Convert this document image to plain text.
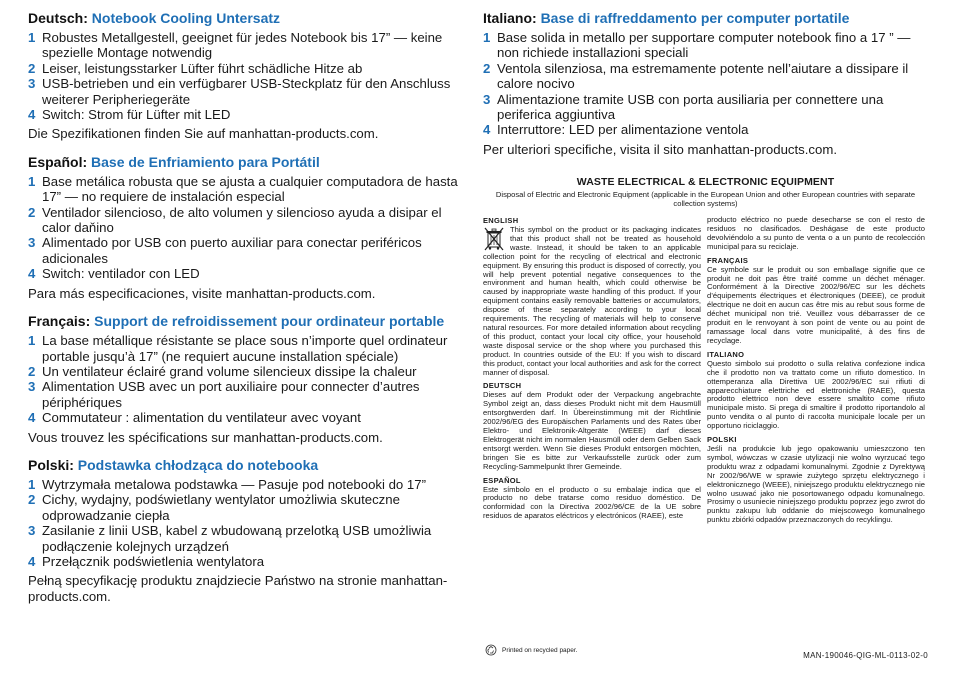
Deutsch: Notebook Cooling Untersatz
1 Robustes Metallgestell, geeignet für jedes Notebook bis 17” — keine spezielle Montage notwendig
2 Leiser, leistungsstarker Lüfter führt schädliche Hitze ab
3 USB-betrieben und ein verfügbarer USB-Steckplatz für den Anschluss weiterer Peripheriegeräte
4 Switch: Strom für Lüfter mit LED
Die Spezifikationen finden Sie auf manhattan-products.com.
Español: Base de Enfriamiento para Portátil
1 Base metálica robusta que se ajusta a cualquier computadora de hasta 17” — no requiere de instalación especial
2 Ventilador silencioso, de alto volumen y silencioso ayuda a disipar el calor daňino
3 Alimentado por USB con puerto auxiliar para conectar periféricos adicionales
4 Switch: ventilador con LED
Para más especificaciones, visite manhattan-products.com.
Français: Support de refroidissement pour ordinateur portable
1 La base métallique résistante se place sous n’importe quel ordinateur portable jusqu’à 17” (ne requiert aucune installation spéciale)
2 Un ventilateur éclairé grand volume silencieux dissipe la chaleur
3 Alimentation USB avec un port auxiliaire pour connecter d’autres périphériques
4 Commutateur : alimentation du ventilateur avec voyant
Vous trouvez les spécifications sur manhattan-products.com.
Polski: Podstawka chłodząca do notebooka
1 Wytrzymała metalowa podstawka — Pasuje pod notebooki do 17”
2 Cichy, wydajny, podświetlany wentylator umożliwia skuteczne odprowadzanie ciepła
3 Zasilanie z linii USB, kabel z wbudowaną przelotką USB umożliwia podłączenie kolejnych urządzeń
4 Przełącznik podświetlenia wentylatora
Pełną specyfikację produktu znajdziecie Państwo na stronie manhattan-products.com.
Italiano: Base di raffreddamento per computer portatile
1 Base solida in metallo per supportare computer notebook fino a 17 ” — non richiede installazioni speciali
2 Ventola silenziosa, ma estremamente potente nell’aiutare a dissipare il calore nocivo
3 Alimentazione tramite USB con porta ausiliaria per connettere una periferica aggiuntiva
4 Interruttore: LED per alimentazione ventola
Per ulteriori specifiche, visita il sito manhattan-products.com.
WASTE ELECTRICAL & ELECTRONIC EQUIPMENT
Disposal of Electric and Electronic Equipment (applicable in the European Union and other European countries with separate collection systems)
ENGLISH
This symbol on the product or its packaging indicates that this product shall not be treated as household waste. Instead, it should be taken to an applicable collection point for the recycling of electrical and electronic equipment. By ensuring this product is disposed of correctly, you will help prevent potential negative consequences to the environment and human health, which could otherwise be caused by inappropriate waste handling of this product. If your equipment contains easily removable batteries or accumulators, dispose of these separately according to your local requirements. The recycling of materials will help to conserve natural resources. For more detailed information about recycling of this product, contact your local city office, your household waste disposal service or the shop where you purchased this product. In countries outside of the EU: If you wish to discard this product, contact your local authorities and ask for the correct manner of disposal.
DEUTSCH
Dieses auf dem Produkt oder der Verpackung angebrachte Symbol zeigt an, dass dieses Produkt nicht mit dem Hausmüll entsorgtwerden darf. In Übereinstimmung mit der Richtlinie 2002/96/EG des Europäischen Parlaments und des Rates über Elektro- und Elektronik-Altgeräte (WEEE) darf dieses Elektrogerät nicht im normalen Hausmüll oder dem Gelben Sack entsorgt werden. Wenn Sie dieses Produkt entsorgen möchten, bringen Sie es bitte zur Verkaufsstelle zurück oder zum Recycling-Sammelpunkt Ihrer Gemeinde.
ESPAÑOL
Este símbolo en el producto o su embalaje indica que el producto no debe tratarse como residuo doméstico. De conformidad con la Directiva 2002/96/CE de la UE sobre residuos de aparatos eléctricos y electrónicos (RAEE), este
producto eléctrico no puede desecharse se con el resto de residuos no clasificados. Deshágase de este producto devolviéndolo a su punto de venta o a un punto de recolección municipal para su reciclaje.
FRANÇAIS
Ce symbole sur le produit ou son emballage signifie que ce produit ne doit pas être traité comme un déchet ménager. Conformément à la Directive 2002/96/EC sur les déchets d’équipements électriques et électroniques (DEEE), ce produit électrique ne doit en aucun cas être mis au rebut sous forme de déchet municipal non trié. Veuillez vous débarrasser de ce produit en le renvoyant à son point de vente ou au point de ramassage local dans votre municipalité, à des fins de recyclage.
ITALIANO
Questo simbolo sui prodotto o sulla relativa confezione indica che il prodotto non va trattato come un rifiuto domestico. In ottemperanza alla Direttiva UE 2002/96/EC sui rifiuti di apparecchiature elettriche ed elettroniche (RAEE), questa prodotto elettrico non deve essere smaltito come rifiuto municipale misto. Si prega di smaltire il prodotto riportandolo al punto vendita o al punto di raccolta municipale locale per un opportuno riciclaggio.
POLSKI
Jeśli na produkcie lub jego opakowaniu umieszczono ten symbol, wówczas w czasie utylizacji nie wolno wyrzucać tego produktu wraz z odpadami komunalnymi. Zgodnie z Dyrektywą Nr 2002/96/WE w sprawie zużytego sprzętu elektrycznego i elektronicznego (WEEE), niniejszego produktu elektrycznego nie wolno usuwać jako nie posortowanego odpadu komunalnego. Prosimy o usuniecie niniejszego produktu poprzez jego zwrot do punktu zakupu lub oddanie do miejscowego komunalnego punktu zbiórki odpadów przeznaczonych do recyklingu.
Printed on recycled paper.
MAN-190046-QIG-ML-0113-02-0
